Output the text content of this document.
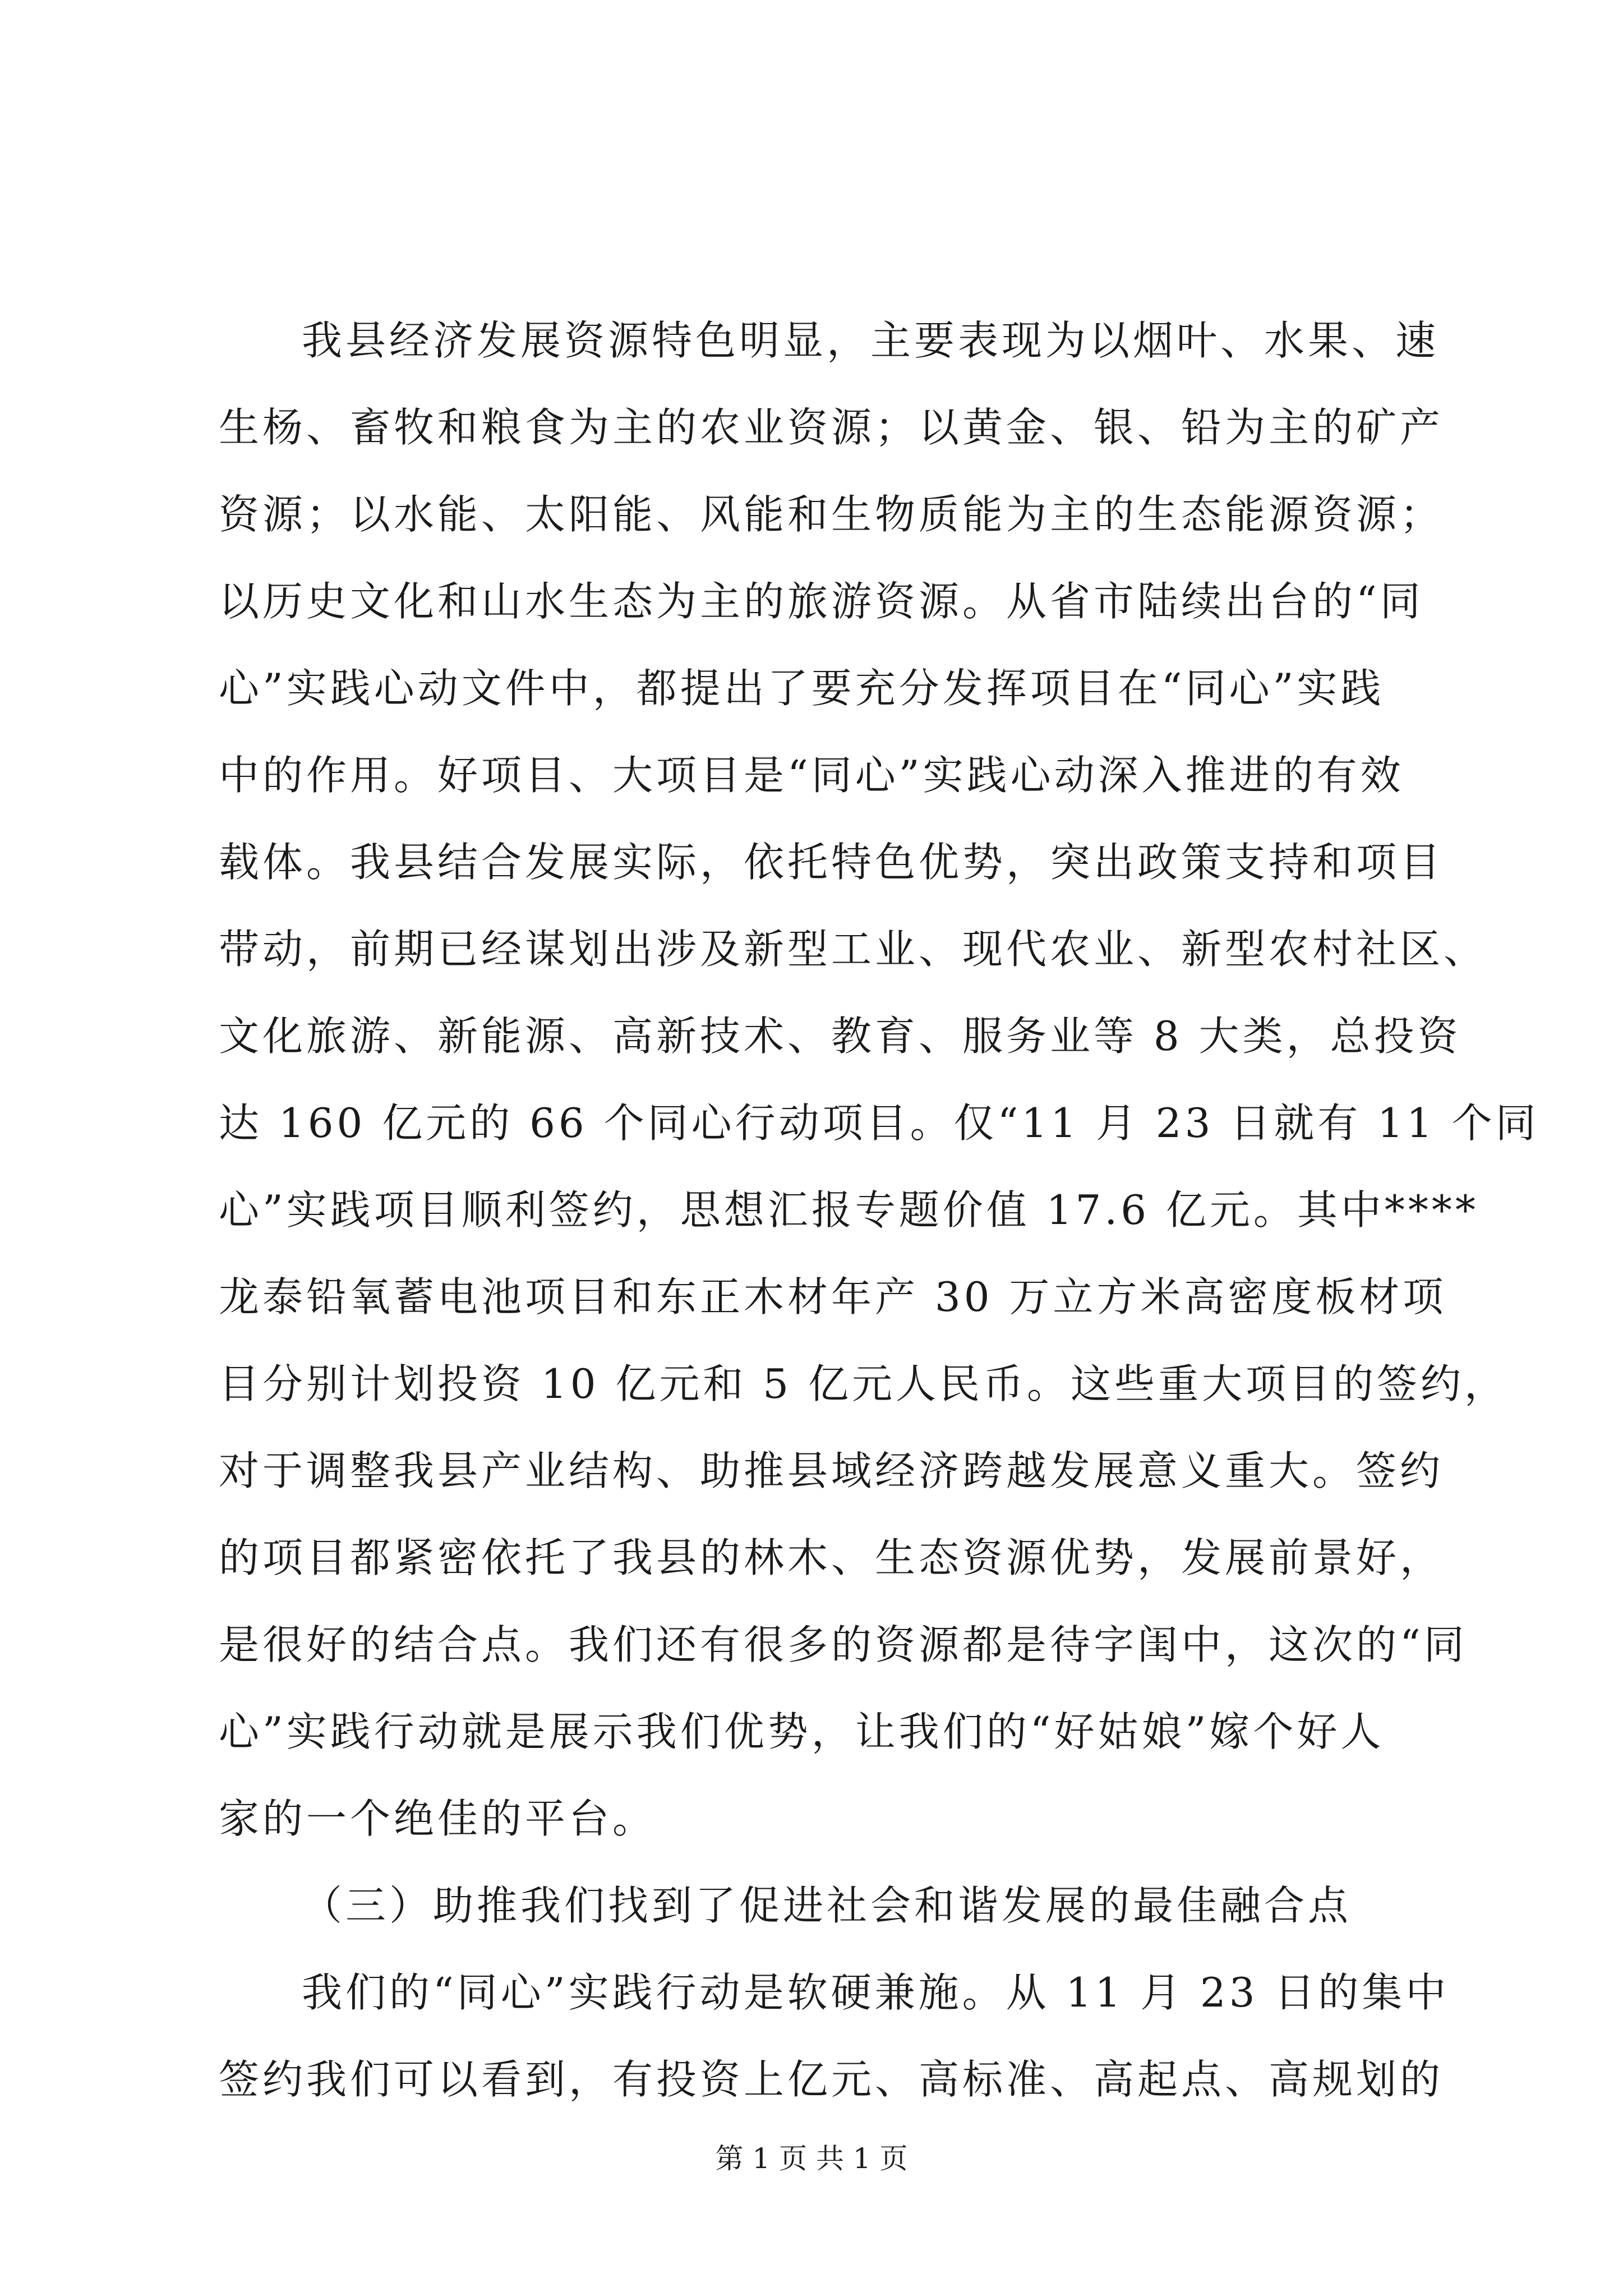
我县经济发展资源特色明显，主要表现为以烟叶、水果、速
生杨、畜牧和粮食为主的农业资源；以黄金、银、铅为主的矿产
资源；以水能、太阳能、风能和生物质能为主的生态能源资源；
以历史文化和山水生态为主的旅游资源。从省市陆续出台的“同
心”实践心动文件中，都提出了要充分发挥项目在“同心”实践
中的作用。好项目、大项目是“同心”实践心动深入推进的有效
载体。我县结合发展实际，依托特色优势，突出政策支持和项目
带动，前期已经谋划出涉及新型工业、现代农业、新型农村社区、
文化旅游、新能源、高新技术、教育、服务业等 8 大类，总投资
达 160 亿元的 66 个同心行动项目。仅“11 月 23 日就有 11 个同
心”实践项目顺利签约，思想汇报专题价值 17.6 亿元。其中****
龙泰铅氧蓄电池项目和东正木材年产 30 万立方米高密度板材项
目分别计划投资 10 亿元和 5 亿元人民币。这些重大项目的签约，
对于调整我县产业结构、助推县域经济跨越发展意义重大。签约
的项目都紧密依托了我县的林木、生态资源优势，发展前景好，
是很好的结合点。我们还有很多的资源都是待字闺中，这次的“同
心”实践行动就是展示我们优势，让我们的“好姑娘”嫁个好人
家的一个绝佳的平台。
（三）助推我们找到了促进社会和谐发展的最佳融合点
我们的“同心”实践行动是软硬兼施。从 11 月 23 日的集中
签约我们可以看到，有投资上亿元、高标准、高起点、高规划的
第 1 页 共 1 页
